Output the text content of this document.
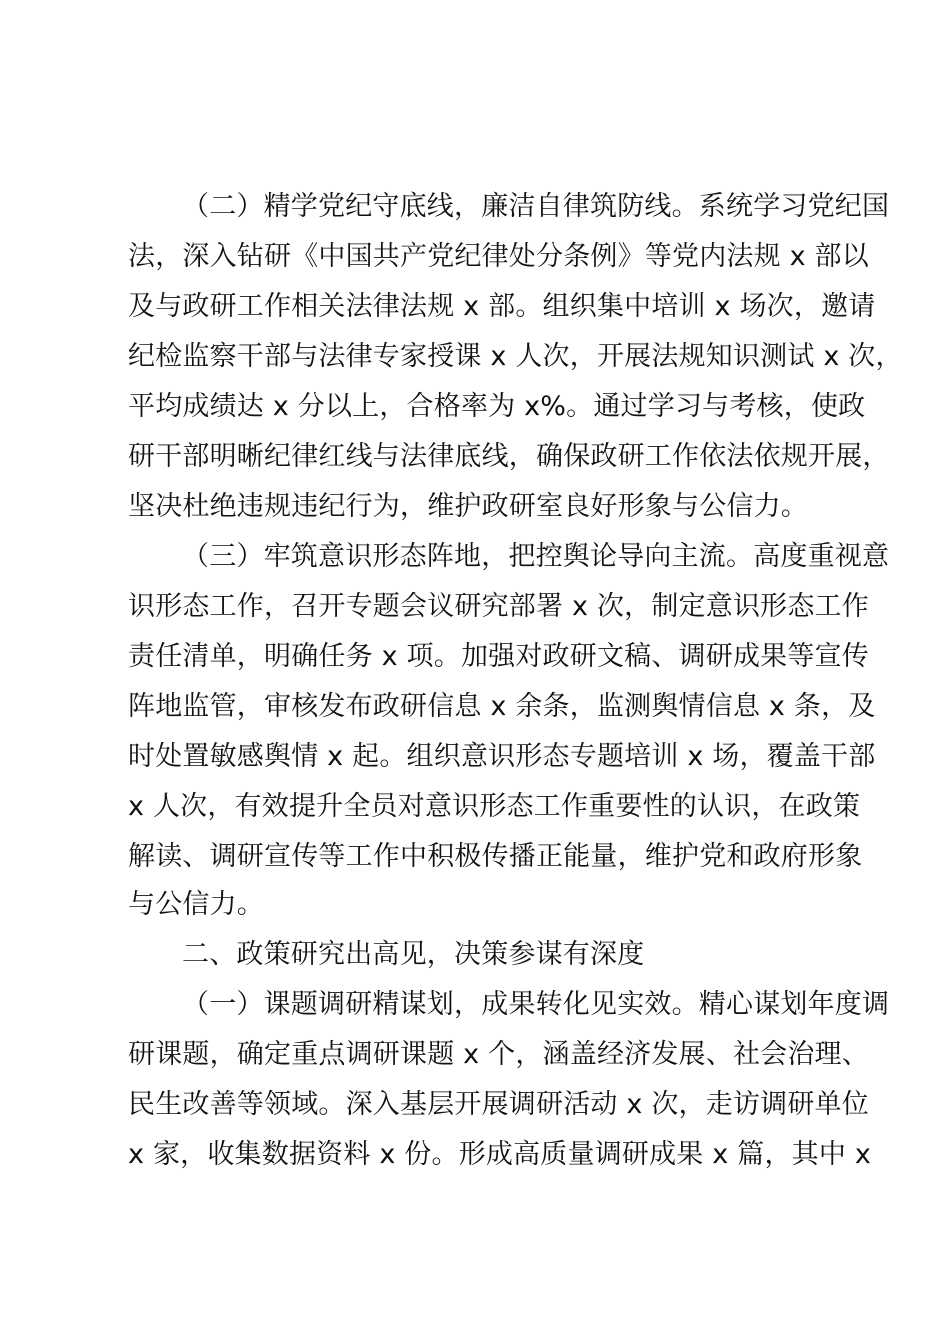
（二）精学党纪守底线，廉洁自律筑防线。系统学习党纪国
法，深入钻研《中国共产党纪律处分条例》等党内法规 x 部以
及与政研工作相关法律法规 x 部。组织集中培训 x 场次，邀请
纪检监察干部与法律专家授课 x 人次，开展法规知识测试 x 次，
平均成绩达 x 分以上，合格率为 x%。通过学习与考核，使政
研干部明晰纪律红线与法律底线，确保政研工作依法依规开展，
坚决杜绝违规违纪行为，维护政研室良好形象与公信力。
（三）牢筑意识形态阵地，把控舆论导向主流。高度重视意
识形态工作，召开专题会议研究部署 x 次，制定意识形态工作
责任清单，明确任务 x 项。加强对政研文稿、调研成果等宣传
阵地监管，审核发布政研信息 x 余条，监测舆情信息 x 条，及
时处置敏感舆情 x 起。组织意识形态专题培训 x 场，覆盖干部
x 人次，有效提升全员对意识形态工作重要性的认识，在政策
解读、调研宣传等工作中积极传播正能量，维护党和政府形象
与公信力。
二、政策研究出高见，决策参谋有深度
（一）课题调研精谋划，成果转化见实效。精心谋划年度调
研课题，确定重点调研课题 x 个，涵盖经济发展、社会治理、
民生改善等领域。深入基层开展调研活动 x 次，走访调研单位
x 家，收集数据资料 x 份。形成高质量调研成果 x 篇，其中 x
